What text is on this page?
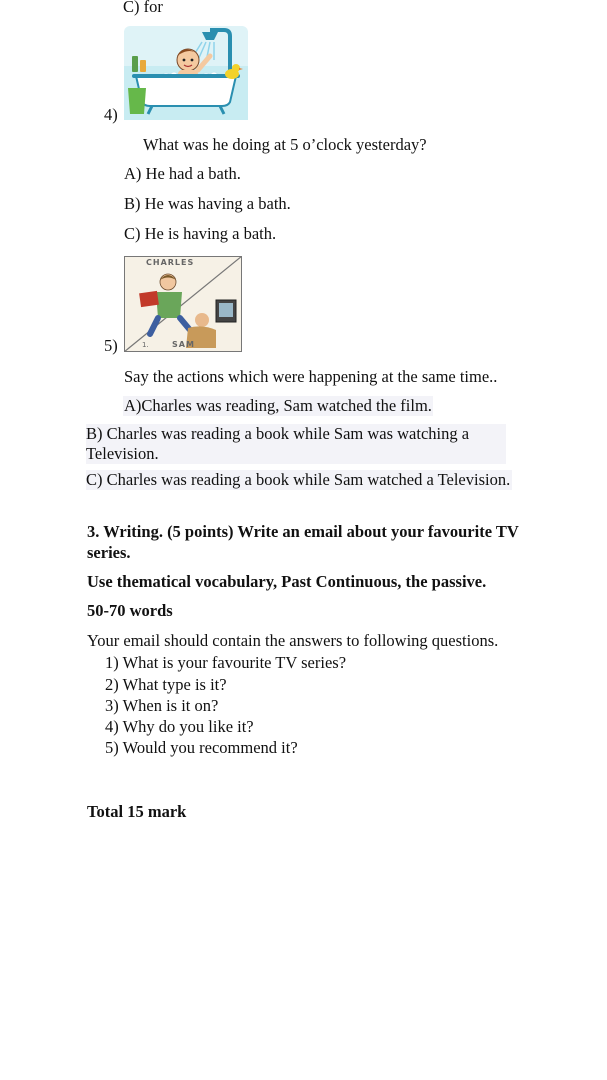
C) for
4)
What was he doing at 5 o’clock yesterday?
A) He had a bath.
B) He was having a bath.
C) He is having a bath.
CHARLES
1.	SAM
5)
Say the actions which were happening at the same time..
A)Charles was reading, Sam watched the film.
B) Charles was reading a book while Sam was watching a Television.
C) Charles was reading a book while Sam watched a Television.
3. Writing. (5 points) Write an email about your favourite TV series.
Use thematical vocabulary, Past Continuous, the passive.
50-70 words
Your email should contain the answers to following questions.
1) What is your favourite TV series?
2) What type is it?
3) When is it on?
4) Why do you like it?
5) Would you recommend it?
Total 15 mark
